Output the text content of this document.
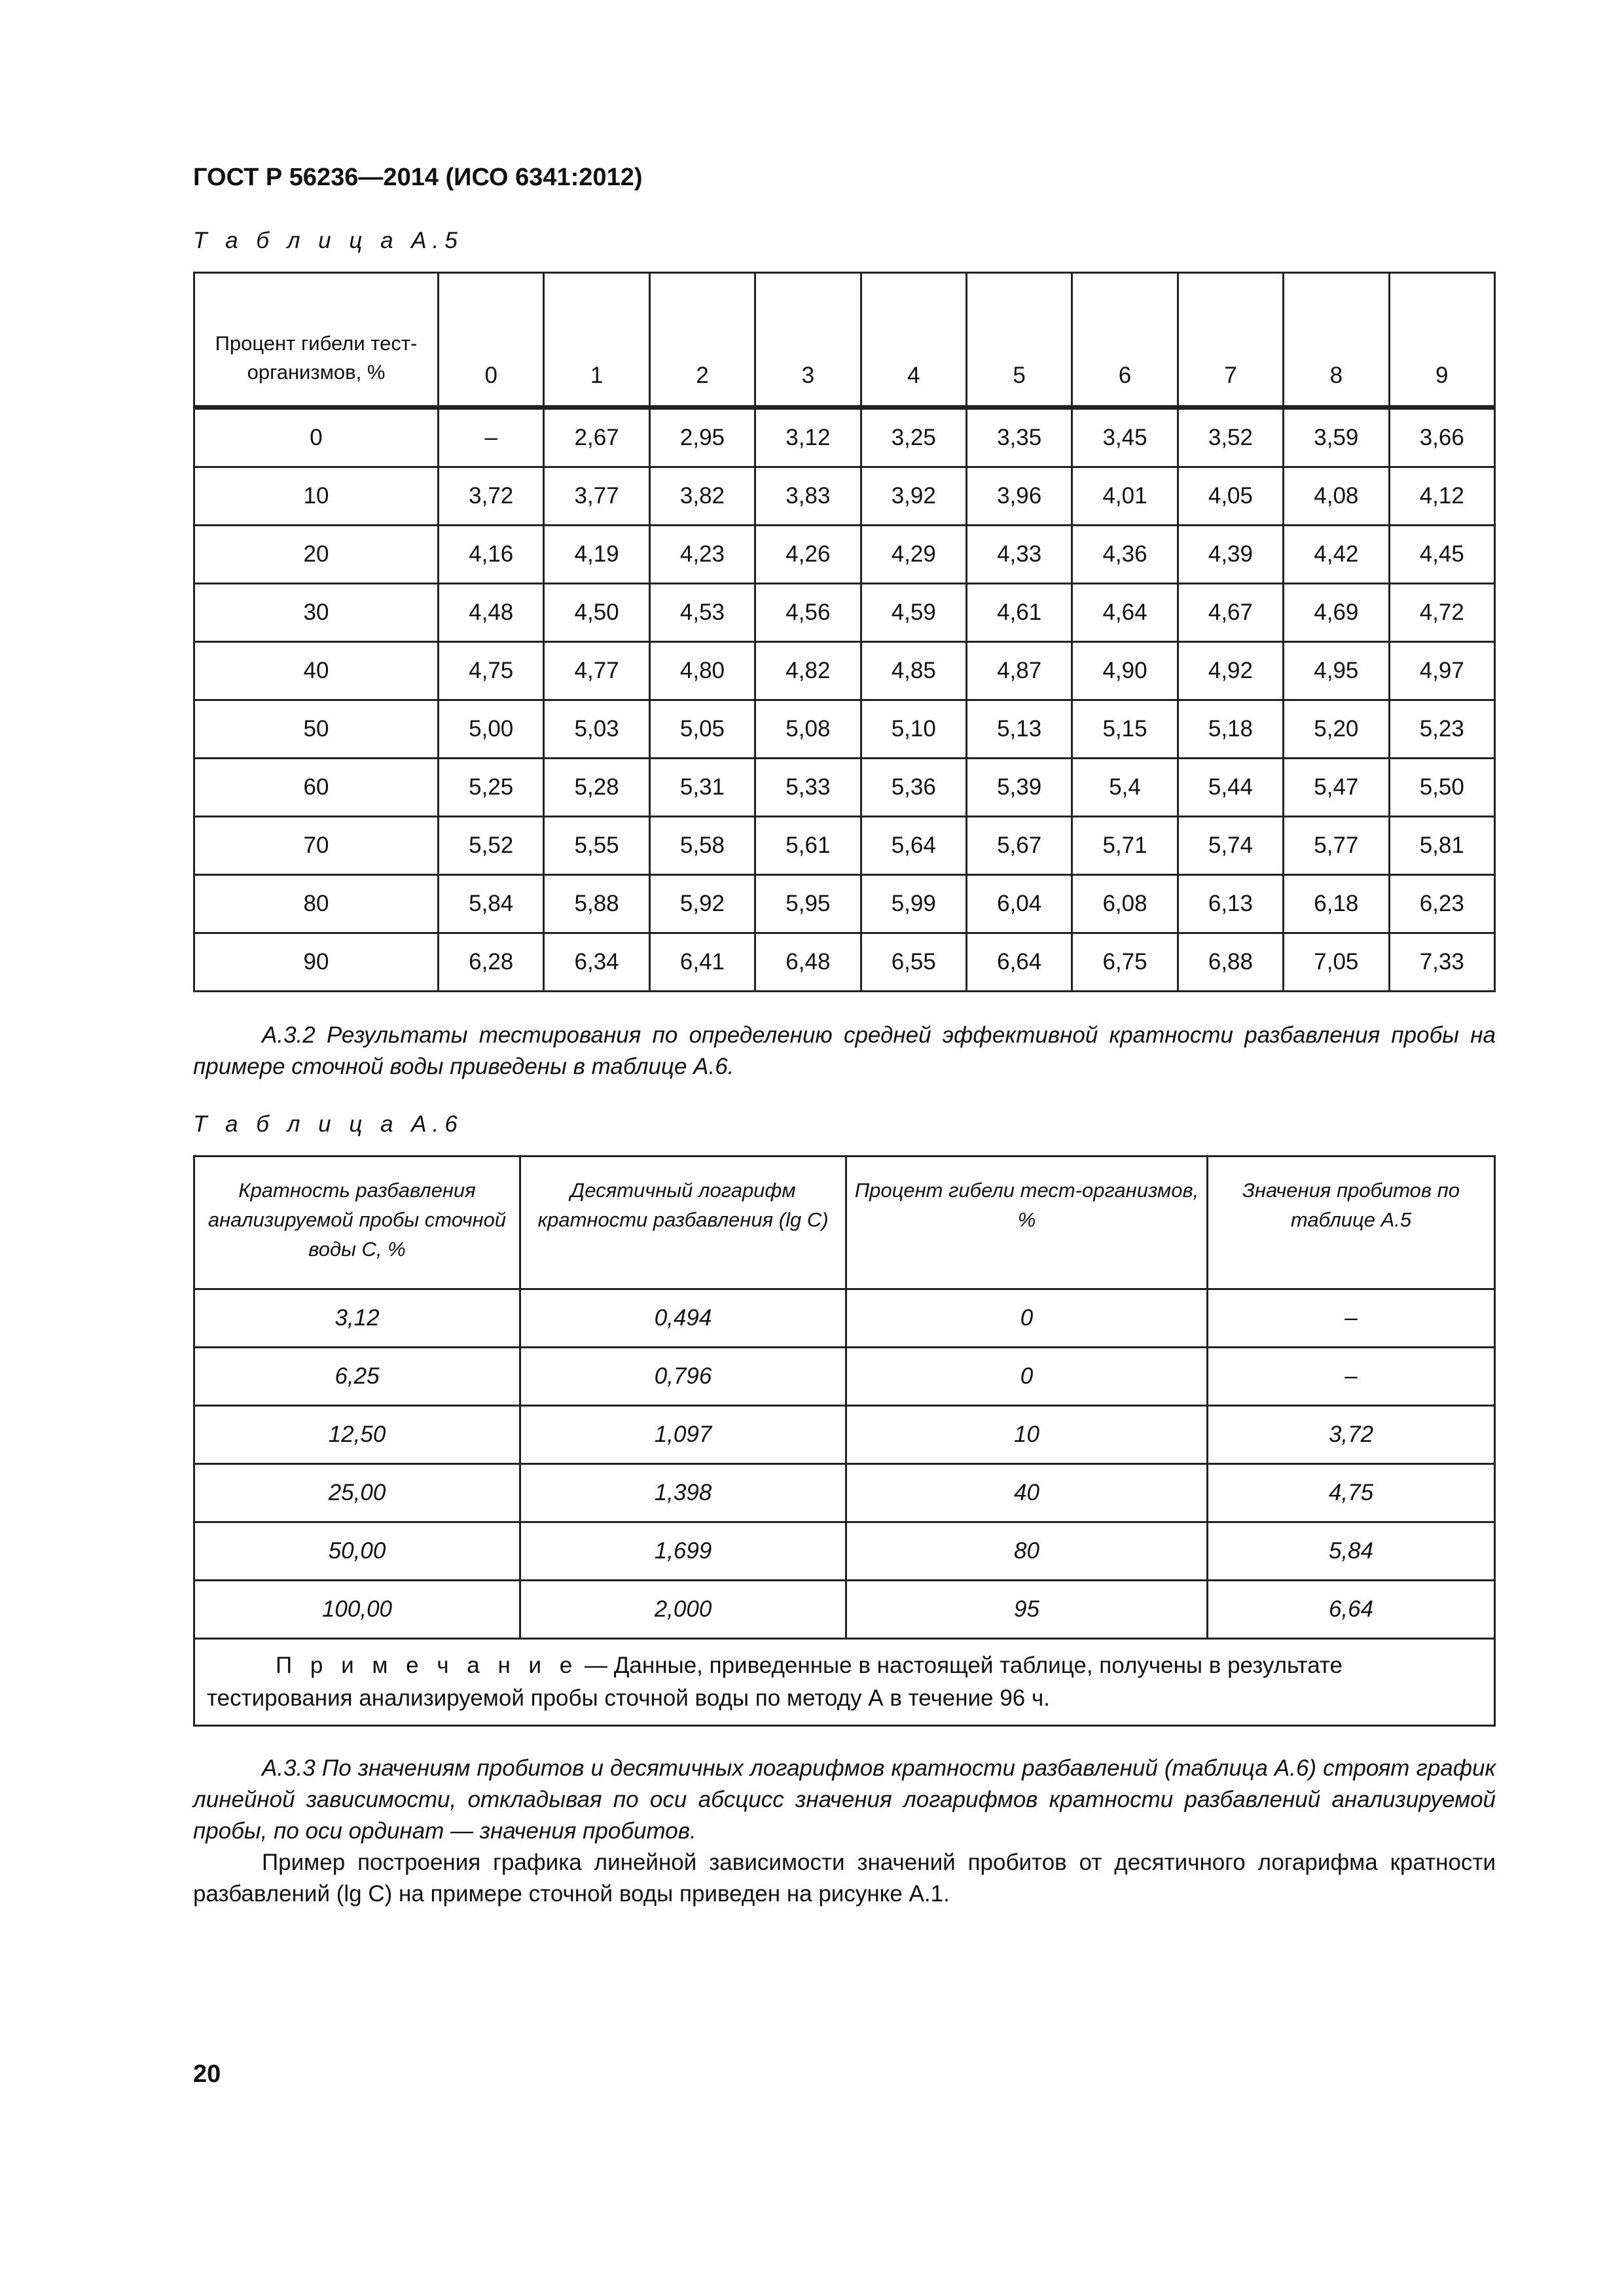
ГОСТ Р 56236—2014 (ИСО 6341:2012)
Т а б л и ц а А.5
Процент гибели тест-организмов, %	0	1	2	3	4	5	6	7	8	9
0	–	2,67	2,95	3,12	3,25	3,35	3,45	3,52	3,59	3,66
10	3,72	3,77	3,82	3,83	3,92	3,96	4,01	4,05	4,08	4,12
20	4,16	4,19	4,23	4,26	4,29	4,33	4,36	4,39	4,42	4,45
30	4,48	4,50	4,53	4,56	4,59	4,61	4,64	4,67	4,69	4,72
40	4,75	4,77	4,80	4,82	4,85	4,87	4,90	4,92	4,95	4,97
50	5,00	5,03	5,05	5,08	5,10	5,13	5,15	5,18	5,20	5,23
60	5,25	5,28	5,31	5,33	5,36	5,39	5,4	5,44	5,47	5,50
70	5,52	5,55	5,58	5,61	5,64	5,67	5,71	5,74	5,77	5,81
80	5,84	5,88	5,92	5,95	5,99	6,04	6,08	6,13	6,18	6,23
90	6,28	6,34	6,41	6,48	6,55	6,64	6,75	6,88	7,05	7,33

А.3.2 Результаты тестирования по определению средней эффективной кратности разбавления пробы на примере сточной воды приведены в таблице А.6.

Т а б л и ц а А.6
Кратность разбавления анализируемой пробы сточной воды С, %	Десятичный логарифм кратности разбавления (lg С)	Процент гибели тест-организмов, %	Значения пробитов по таблице А.5
3,12	0,494	0	–
6,25	0,796	0	–
12,50	1,097	10	3,72
25,00	1,398	40	4,75
50,00	1,699	80	5,84
100,00	2,000	95	6,64
П р и м е ч а н и е — Данные, приведенные в настоящей таблице, получены в результате тестирования анализируемой пробы сточной воды по методу А в течение 96 ч.			

А.3.3 По значениям пробитов и десятичных логарифмов кратности разбавлений (таблица А.6) строят график линейной зависимости, откладывая по оси абсцисс значения логарифмов кратности разбавлений анализируемой пробы, по оси ординат — значения пробитов.

Пример построения графика линейной зависимости значений пробитов от десятичного логарифма кратности разбавлений (lg С) на примере сточной воды приведен на рисунке А.1.

20
